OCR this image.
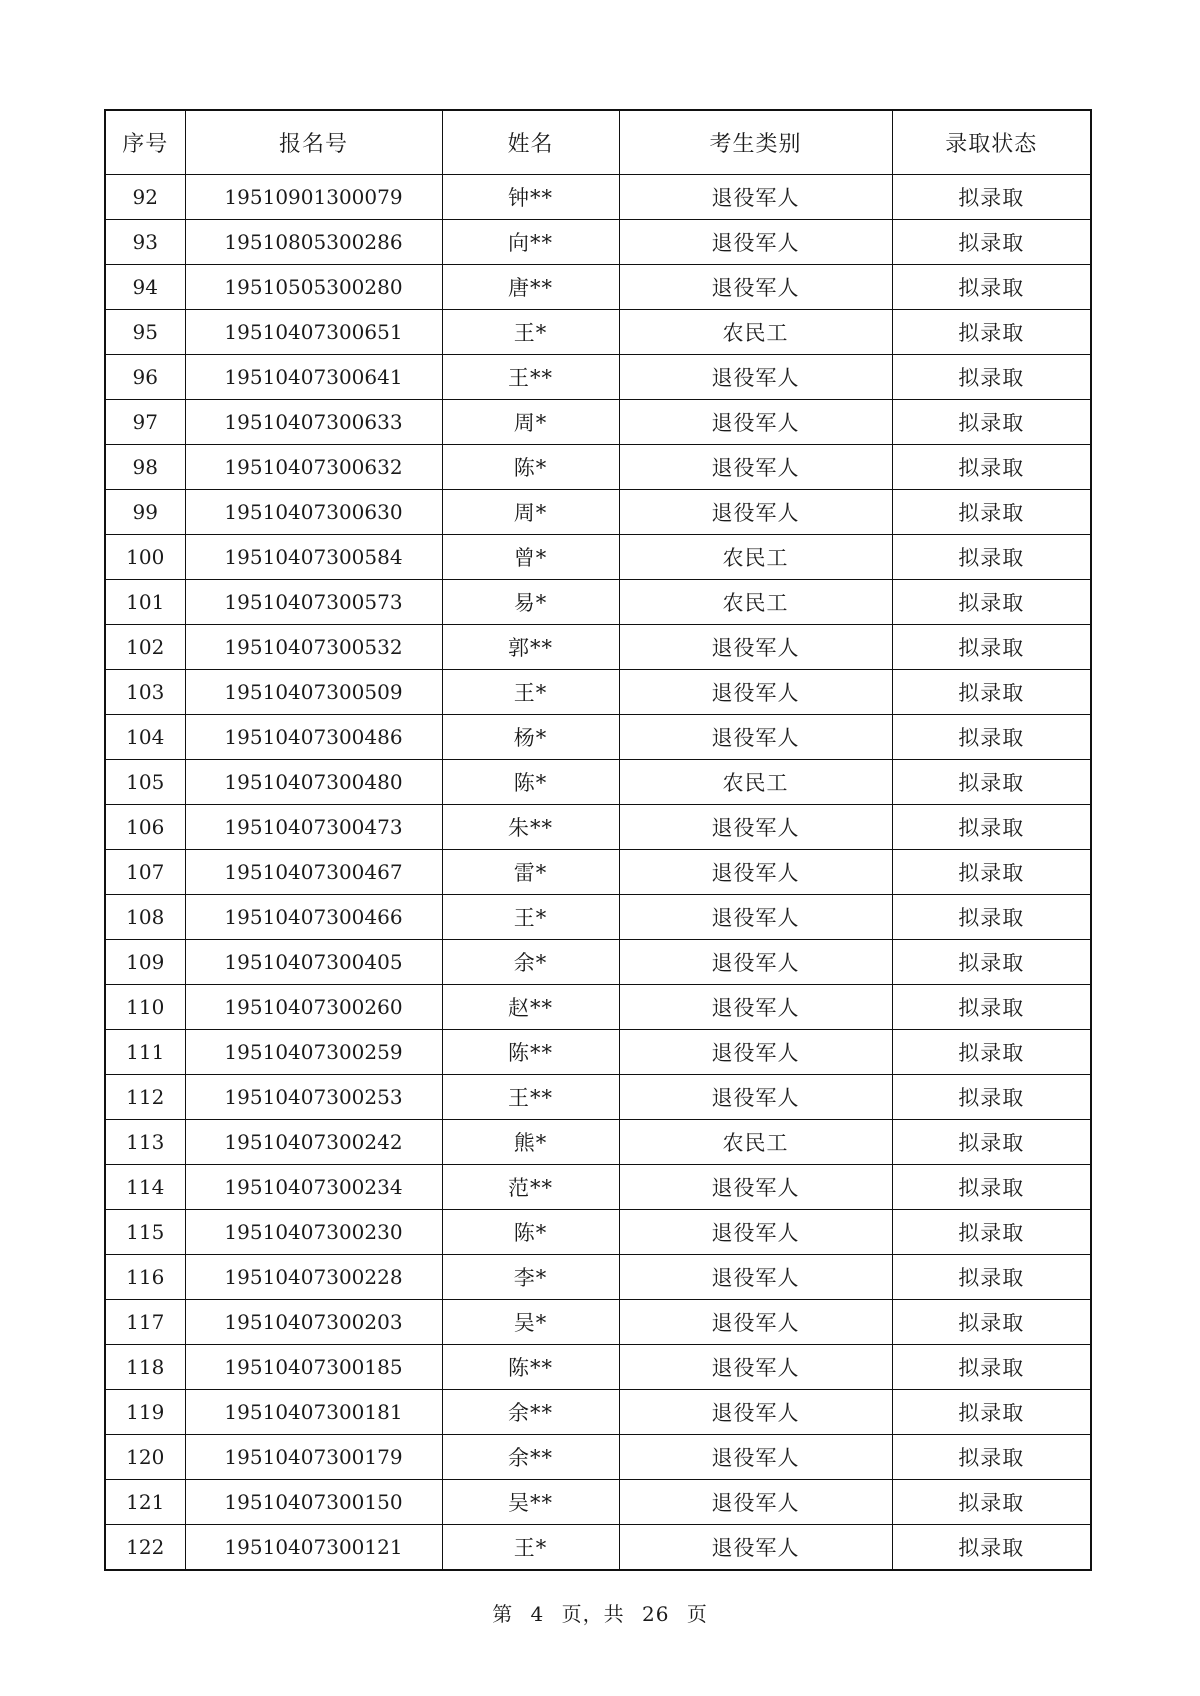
序号	报名号	姓名	考生类别	录取状态
92	19510901300079	钟**	退役军人	拟录取
93	19510805300286	向**	退役军人	拟录取
94	19510505300280	唐**	退役军人	拟录取
95	19510407300651	王*	农民工	拟录取
96	19510407300641	王**	退役军人	拟录取
97	19510407300633	周*	退役军人	拟录取
98	19510407300632	陈*	退役军人	拟录取
99	19510407300630	周*	退役军人	拟录取
100	19510407300584	曾*	农民工	拟录取
101	19510407300573	易*	农民工	拟录取
102	19510407300532	郭**	退役军人	拟录取
103	19510407300509	王*	退役军人	拟录取
104	19510407300486	杨*	退役军人	拟录取
105	19510407300480	陈*	农民工	拟录取
106	19510407300473	朱**	退役军人	拟录取
107	19510407300467	雷*	退役军人	拟录取
108	19510407300466	王*	退役军人	拟录取
109	19510407300405	余*	退役军人	拟录取
110	19510407300260	赵**	退役军人	拟录取
111	19510407300259	陈**	退役军人	拟录取
112	19510407300253	王**	退役军人	拟录取
113	19510407300242	熊*	农民工	拟录取
114	19510407300234	范**	退役军人	拟录取
115	19510407300230	陈*	退役军人	拟录取
116	19510407300228	李*	退役军人	拟录取
117	19510407300203	吴*	退役军人	拟录取
118	19510407300185	陈**	退役军人	拟录取
119	19510407300181	余**	退役军人	拟录取
120	19510407300179	余**	退役军人	拟录取
121	19510407300150	吴**	退役军人	拟录取
122	19510407300121	王*	退役军人	拟录取
第 4 页，共 26 页
